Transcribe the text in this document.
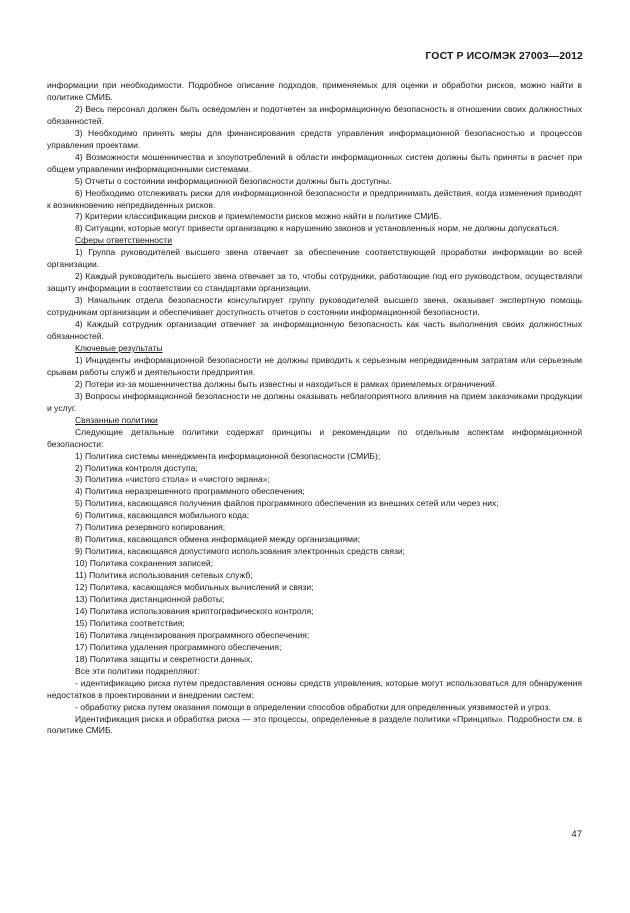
ГОСТ Р ИСО/МЭК 27003—2012

информации при необходимости. Подробное описание подходов, применяемых для оценки и обработки рисков, можно найти в политике СМИБ.

2) Весь персонал должен быть осведомлен и подотчетен за информационную безопасность в отношении своих должностных обязанностей.

3) Необходимо принять меры для финансирования средств управления информационной безопасностью и процессов управления проектами.

4) Возможности мошенничества и злоупотреблений в области информационных систем должны быть приняты в расчет при общем управлении информационными системами.

5) Отчеты о состоянии информационной безопасности должны быть доступны.

6) Необходимо отслеживать риски для информационной безопасности и предпринимать действия, когда изменения приводят к возникновению непредвиденных рисков.

7) Критерии классификации рисков и приемлемости рисков можно найти в политике СМИБ.

8) Ситуации, которые могут привести организацию к нарушению законов и установленных норм, не должны допускаться.

Сферы ответственности

1) Группа руководителей высшего звена отвечает за обеспечение соответствующей проработки информации во всей организации.

2) Каждый руководитель высшего звена отвечает за то, чтобы сотрудники, работающие под его руководством, осуществляли защиту информации в соответствии со стандартами организации.

3) Начальник отдела безопасности консультирует группу руководителей высшего звена, оказывает экспертную помощь сотрудникам организации и обеспечивает доступность отчетов о состоянии информационной безопасности.

4) Каждый сотрудник организации отвечает за информационную безопасность как часть выполнения своих должностных обязанностей.

Ключевые результаты

1) Инциденты информационной безопасности не должны приводить к серьезным непредвиденным затратам или серьезным срывам работы служб и деятельности предприятия.

2) Потери из-за мошенничества должны быть известны и находиться в рамках приемлемых ограничений.

3) Вопросы информационной безопасности не должны оказывать неблагоприятного влияния на прием заказчиками продукции и услуг.

Связанные политики

Следующие детальные политики содержат принципы и рекомендации по отдельным аспектам информационной безопасности:

1) Политика системы менеджмента информационной безопасности (СМИБ);

2) Политика контроля доступа;

3) Политика «чистого стола» и «чистого экрана»;

4) Политика неразрешенного программного обеспечения;

5) Политика, касающаяся получения файлов программного обеспечения из внешних сетей или через них;

6) Политика, касающаяся мобильного кода;

7) Политика резервного копирования;

8) Политика, касающаяся обмена информацией между организациями;

9) Политика, касающаяся допустимого использования электронных средств связи;

10) Политика сохранения записей;

11) Политика использования сетевых служб;

12) Политика, касающаяся мобильных вычислений и связи;

13) Политика дистанционной работы;

14) Политика использования криптографического контроля;

15) Политика соответствия;

16) Политика лицензирования программного обеспечения;

17) Политика удаления программного обеспечения;

18) Политика защиты и секретности данных.

Все эти политики подкрепляют:

- идентификацию риска путем предоставления основы средств управления, которые могут использоваться для обнаружения недостатков в проектировании и внедрении систем;

- обработку риска путем оказания помощи в определении способов обработки для определенных уязвимостей и угроз.

Идентификация риска и обработка риска — это процессы, определенные в разделе политики «Принципы». Подробности см. в политике СМИБ.

47
